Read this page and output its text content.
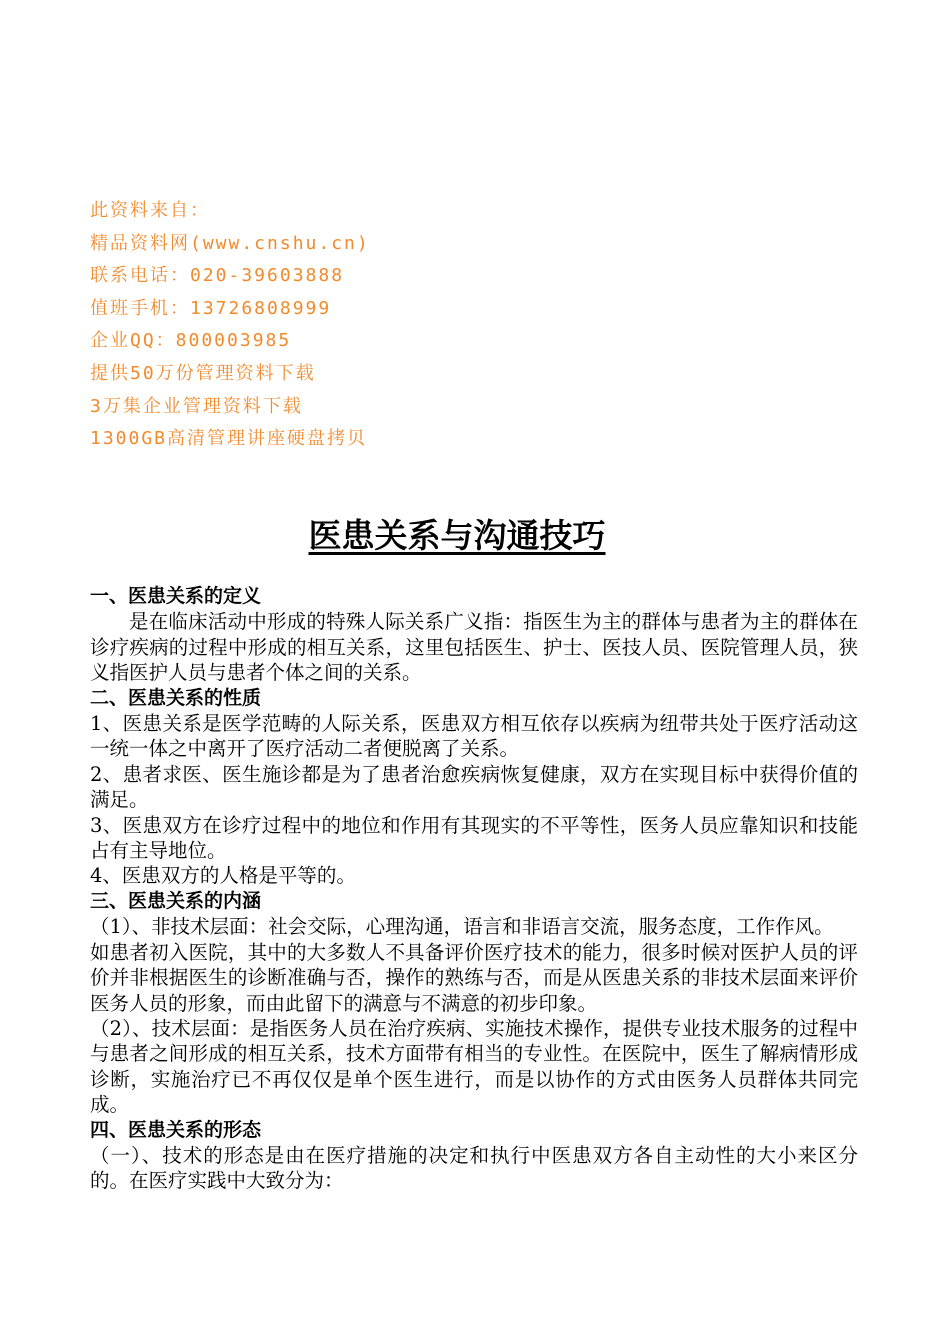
此资料来自：
精品资料网(www.cnshu.cn)
联系电话：020-39603888
值班手机：13726808999
企业QQ：800003985
提供50万份管理资料下载
3万集企业管理资料下载
1300GB高清管理讲座硬盘拷贝
医患关系与沟通技巧

一、医患关系的定义

是在临床活动中形成的特殊人际关系广义指：指医生为主的群体与患者为主的群体在诊疗疾病的过程中形成的相互关系，这里包括医生、护士、医技人员、医院管理人员，狭义指医护人员与患者个体之间的关系。

二、医患关系的性质

1、医患关系是医学范畴的人际关系，医患双方相互依存以疾病为纽带共处于医疗活动这一统一体之中离开了医疗活动二者便脱离了关系。

2、患者求医、医生施诊都是为了患者治愈疾病恢复健康，双方在实现目标中获得价值的满足。

3、医患双方在诊疗过程中的地位和作用有其现实的不平等性，医务人员应靠知识和技能占有主导地位。

4、医患双方的人格是平等的。

三、医患关系的内涵

（1）、非技术层面：社会交际，心理沟通，语言和非语言交流，服务态度，工作作风。

如患者初入医院，其中的大多数人不具备评价医疗技术的能力，很多时候对医护人员的评价并非根据医生的诊断准确与否，操作的熟练与否，而是从医患关系的非技术层面来评价医务人员的形象，而由此留下的满意与不满意的初步印象。

（2）、技术层面：是指医务人员在治疗疾病、实施技术操作，提供专业技术服务的过程中与患者之间形成的相互关系，技术方面带有相当的专业性。在医院中，医生了解病情形成诊断，实施治疗已不再仅仅是单个医生进行，而是以协作的方式由医务人员群体共同完成。

四、医患关系的形态

（一）、技术的形态是由在医疗措施的决定和执行中医患双方各自主动性的大小来区分的。在医疗实践中大致分为：
